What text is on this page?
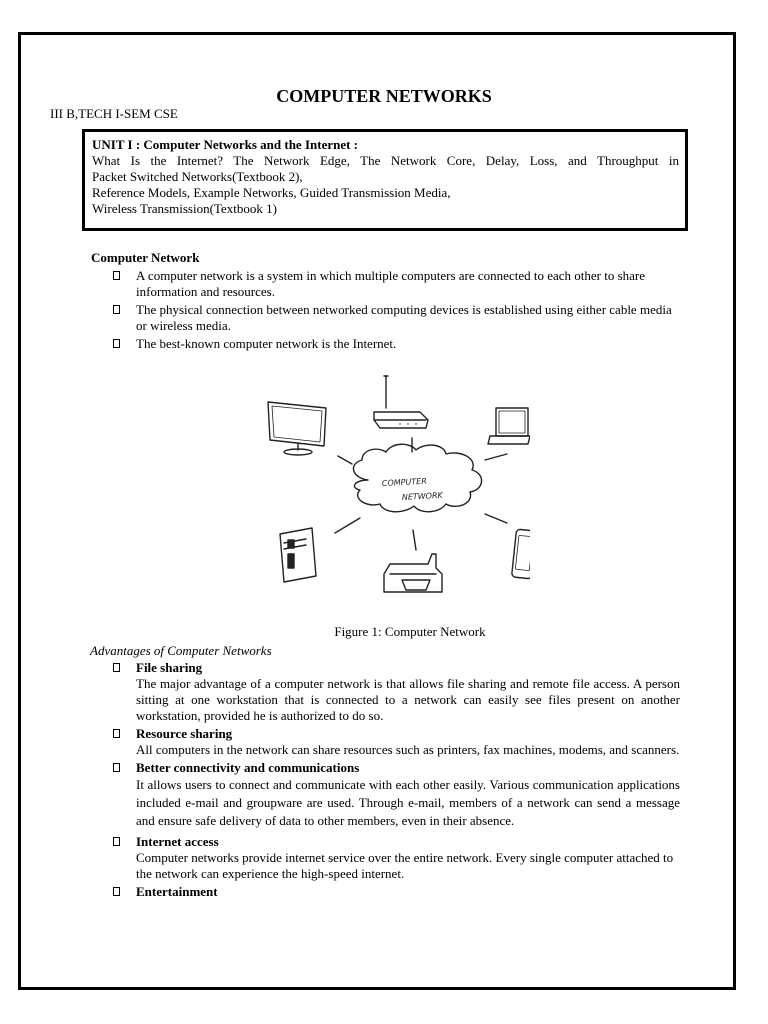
COMPUTER NETWORKS
III B,TECH I-SEM CSE
UNIT I : Computer Networks and the Internet :
What Is the Internet? The Network Edge, The Network Core, Delay, Loss, and Throughput in
Packet Switched Networks(Textbook 2),
Reference Models, Example Networks, Guided Transmission Media,
Wireless Transmission(Textbook 1)
Computer Network
A computer network is a system in which multiple computers are connected to each other to share information and resources.
The physical connection between networked computing devices is established using either cable media or wireless media.
The best-known computer network is the Internet.
COMPUTER
NETWORK
Figure 1: Computer Network
Advantages of Computer Networks
File sharing
The major advantage of a computer network is that allows file sharing and remote file access. A person sitting at one workstation that is connected to a network can easily see files present on another workstation, provided he is authorized to do so.
Resource sharing
All computers in the network can share resources such as printers, fax machines, modems, and scanners.
Better connectivity and communications
It allows users to connect and communicate with each other easily. Various communication applications included e-mail and groupware are used. Through e-mail, members of a network can send a message and ensure safe delivery of data to other members, even in their absence.
Internet access
Computer networks provide internet service over the entire network. Every single computer attached to the network can experience the high-speed internet.
Entertainment
